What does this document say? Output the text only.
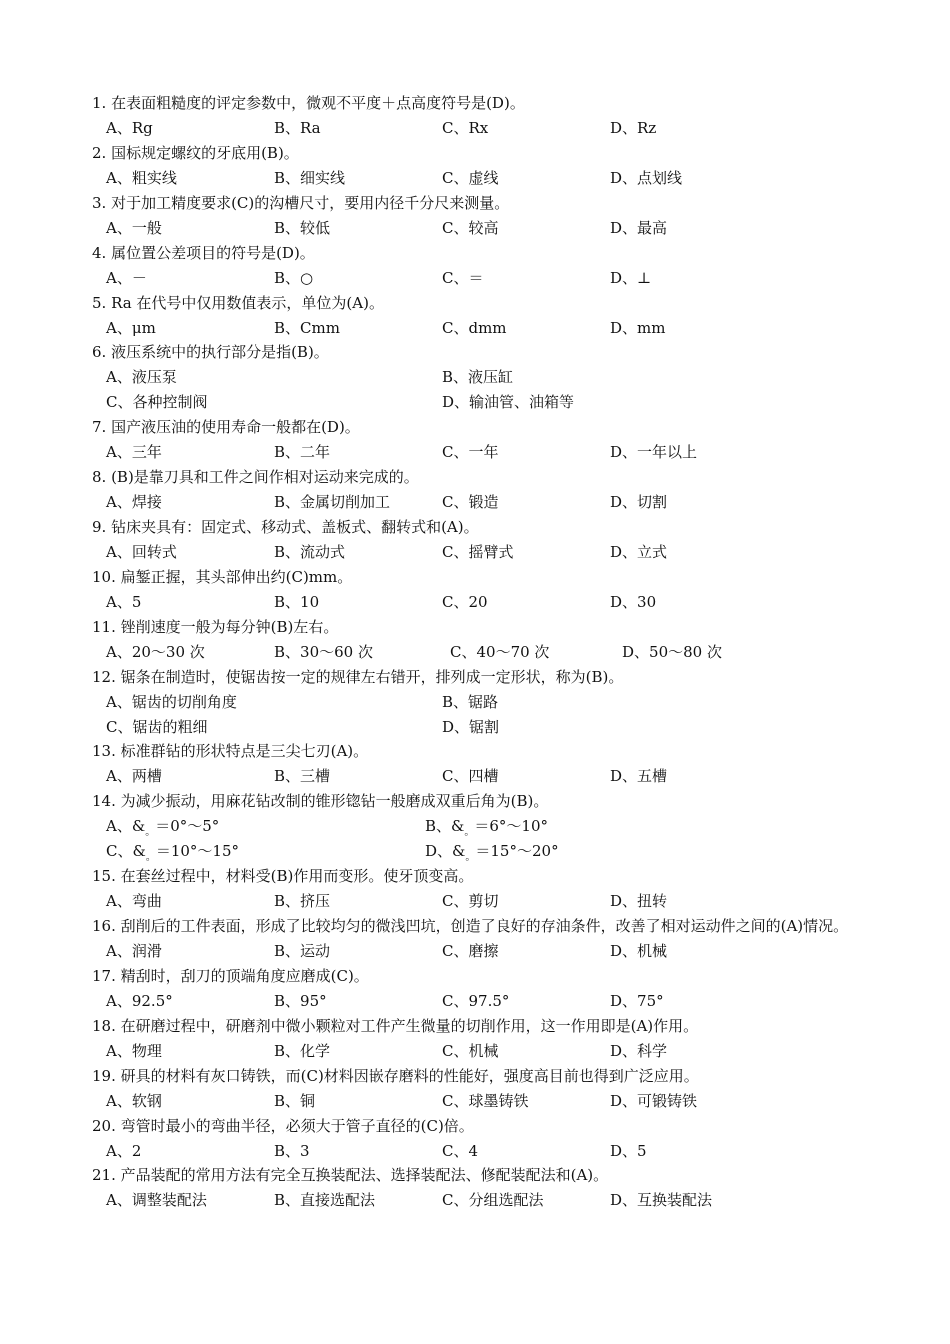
1. 在表面粗糙度的评定参数中，微观不平度＋点高度符号是(D)。
A、Rg	B、Ra	C、Rx	D、Rz
2. 国标规定螺纹的牙底用(B)。
A、粗实线	B、细实线	C、虚线	D、点划线
3. 对于加工精度要求(C)的沟槽尺寸，要用内径千分尺来测量。
A、一般	B、较低	C、较高	D、最高
4. 属位置公差项目的符号是(D)。
A、－	B、○	C、＝	D、⊥
5. Ra 在代号中仅用数值表示，单位为(A)。
A、μm	B、Cmm	C、dmm	D、mm
6. 液压系统中的执行部分是指(B)。
A、液压泵	B、液压缸
C、各种控制阀	D、输油管、油箱等
7. 国产液压油的使用寿命一般都在(D)。
A、三年	B、二年	C、一年	D、一年以上
8. (B)是靠刀具和工件之间作相对运动来完成的。
A、焊接	B、金属切削加工	C、锻造	D、切割
9. 钻床夹具有：固定式、移动式、盖板式、翻转式和(A)。
A、回转式	B、流动式	C、摇臂式	D、立式
10. 扁錾正握，其头部伸出约(C)mm。
A、5	B、10	C、20	D、30
11. 锉削速度一般为每分钟(B)左右。
A、20～30 次	B、30～60 次	C、40～70 次	D、50～80 次
12. 锯条在制造时，使锯齿按一定的规律左右错开，排列成一定形状，称为(B)。
A、锯齿的切削角度	B、锯路
C、锯齿的粗细	D、锯割
13. 标准群钻的形状特点是三尖七刃(A)。
A、两槽	B、三槽	C、四槽	D、五槽
14. 为减少振动，用麻花钻改制的锥形锪钻一般磨成双重后角为(B)。
A、$\&_。=0^\circ\sim 5^\circ$	B、$\&_。=6^\circ\sim 10^\circ$
C、$\&_。=10^\circ\sim 15^\circ$	D、$\&_。=15^\circ\sim 20^\circ$
15. 在套丝过程中，材料受(B)作用而变形。使牙顶变高。
A、弯曲	B、挤压	C、剪切	D、扭转
16. 刮削后的工件表面，形成了比较均匀的微浅凹坑，创造了良好的存油条件，改善了相对运动件之间的(A)情况。
A、润滑	B、运动	C、磨擦	D、机械
17. 精刮时，刮刀的顶端角度应磨成(C)。
A、92.5°	B、95°	C、97.5°	D、75°
18. 在研磨过程中，研磨剂中微小颗粒对工件产生微量的切削作用，这一作用即是(A)作用。
A、物理	B、化学	C、机械	D、科学
19. 研具的材料有灰口铸铁，而(C)材料因嵌存磨料的性能好，强度高目前也得到广泛应用。
A、软钢	B、铜	C、球墨铸铁	D、可锻铸铁
20. 弯管时最小的弯曲半径，必须大于管子直径的(C)倍。
A、2	B、3	C、4	D、5
21. 产品装配的常用方法有完全互换装配法、选择装配法、修配装配法和(A)。
A、调整装配法	B、直接选配法	C、分组选配法	D、互换装配法
